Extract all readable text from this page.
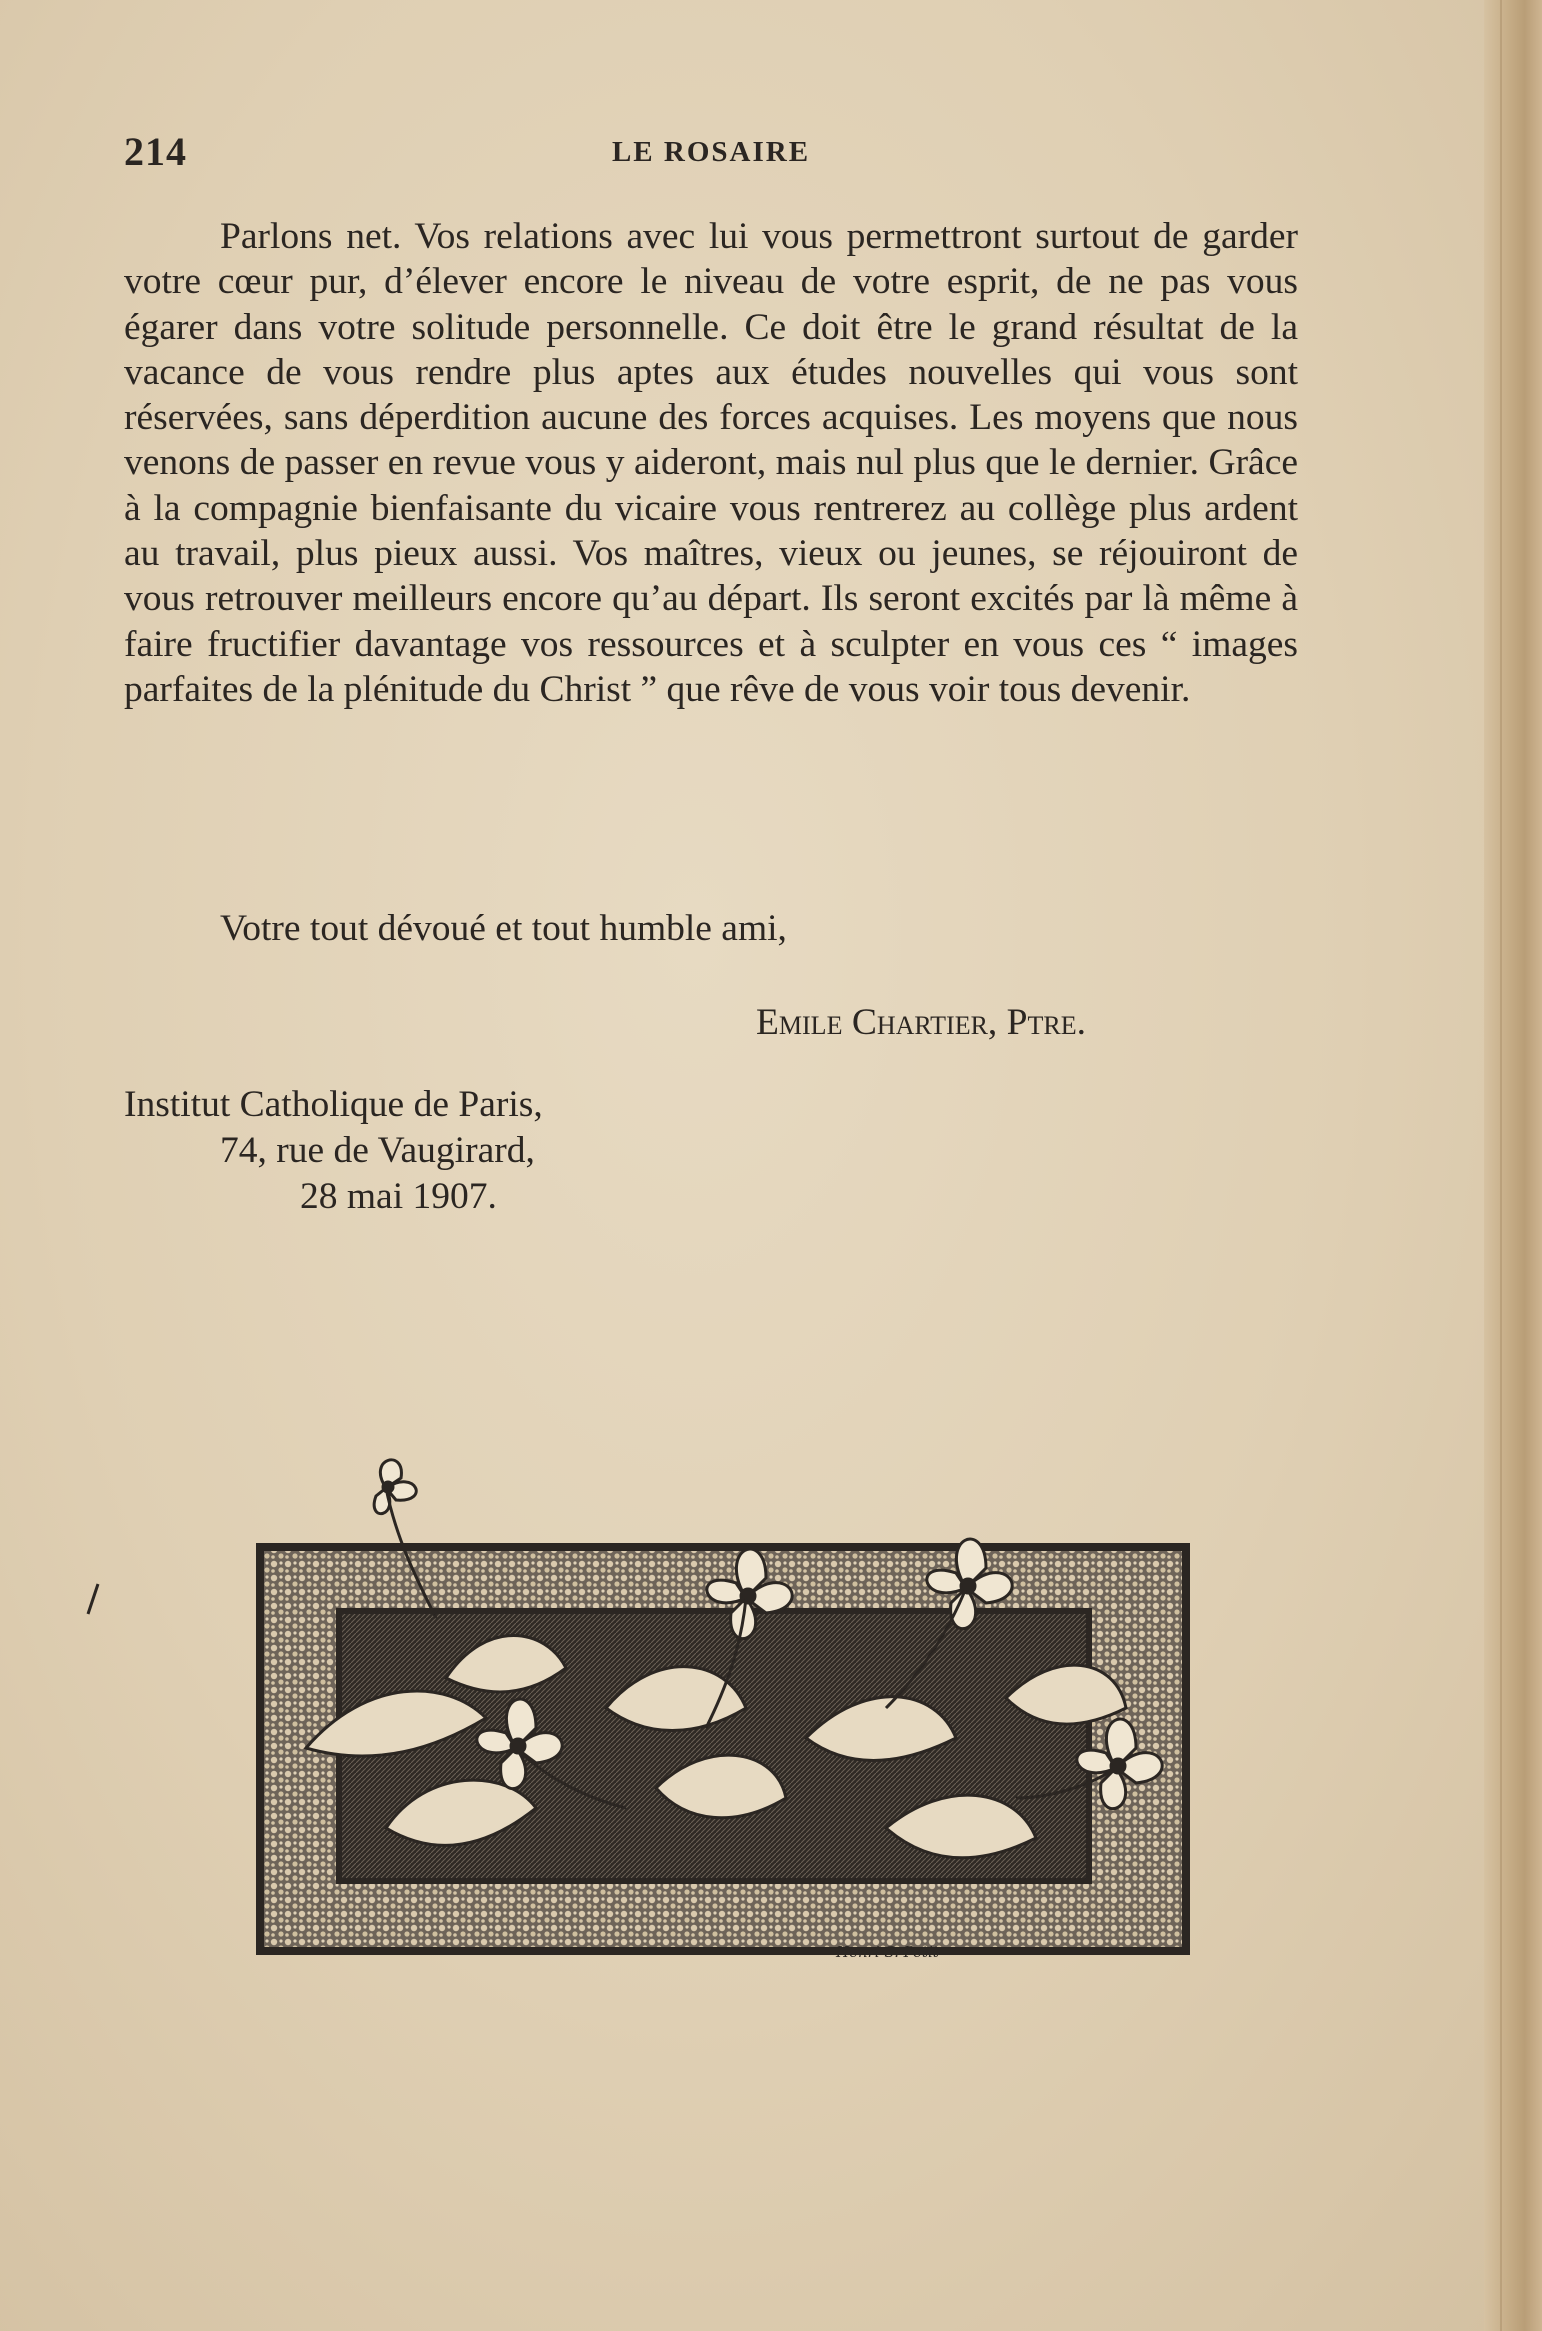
214	LE ROSAIRE

Parlons net. Vos relations avec lui vous permettront surtout de garder votre cœur pur, d’élever encore le niveau de votre esprit, de ne pas vous égarer dans votre solitude personnelle. Ce doit être le grand résultat de la vacance de vous rendre plus aptes aux études nouvelles qui vous sont réservées, sans déperdition aucune des forces acquises. Les moyens que nous venons de passer en revue vous y aideront, mais nul plus que le dernier. Grâce à la compagnie bienfaisante du vicaire vous rentrerez au collège plus ardent au travail, plus pieux aussi. Vos maîtres, vieux ou jeunes, se réjouiront de vous retrouver meilleurs encore qu’au départ. Ils seront excités par là même à faire fructifier davantage vos ressources et à sculpter en vous ces “ images parfaites de la plénitude du Christ ” que rêve de vous voir tous devenir.

Votre tout dévoué et tout humble ami,
Emile Chartier, Ptre.
Institut Catholique de Paris,
74, rue de Vaugirard,
28 mai 1907.
Henri S. Petit
